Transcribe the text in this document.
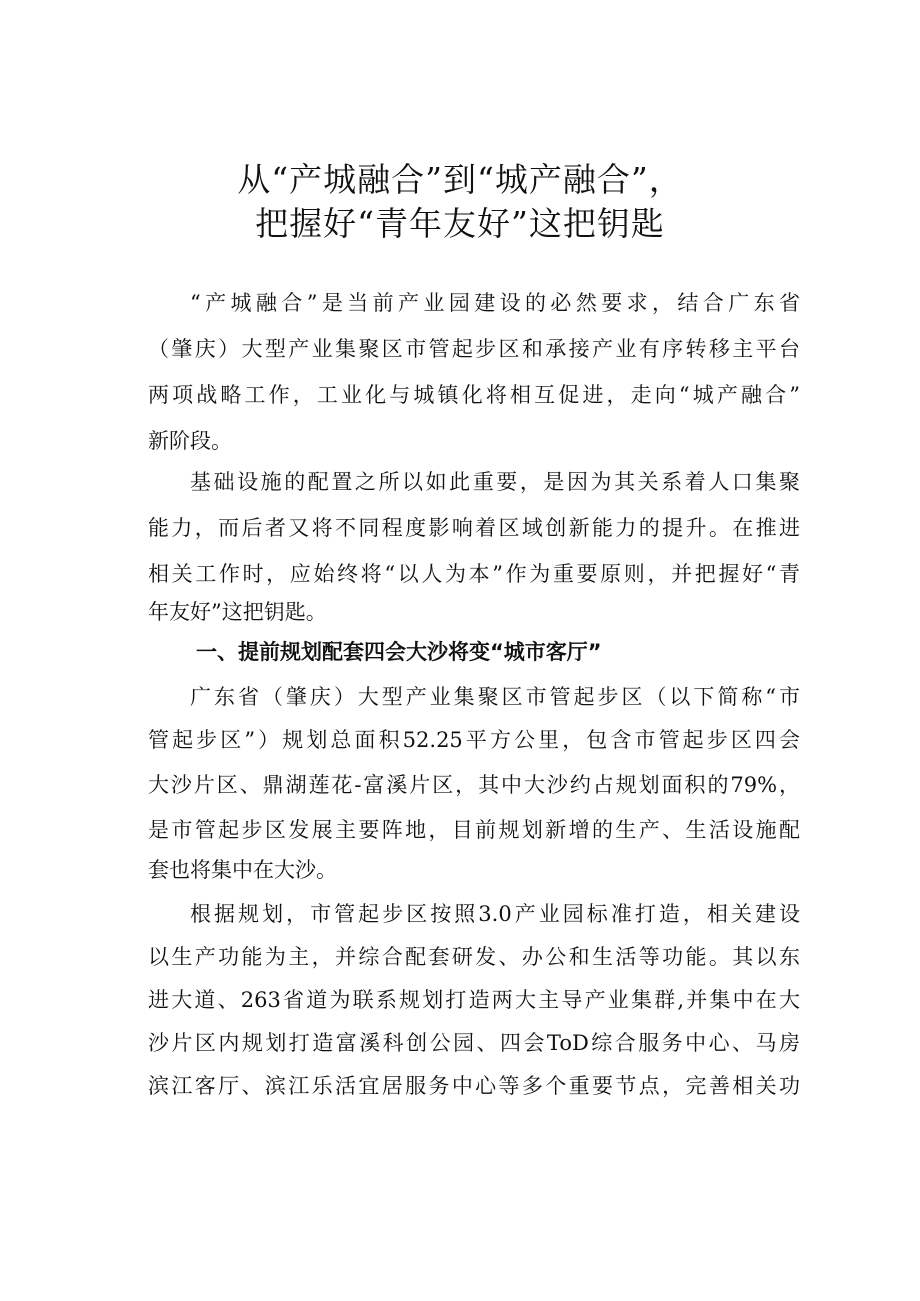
从“产城融合”到“城产融合”，
把握好“青年友好”这把钥匙
“产城融合”是当前产业园建设的必然要求，结合广东省
（肇庆）大型产业集聚区市管起步区和承接产业有序转移主平台
两项战略工作，工业化与城镇化将相互促进，走向“城产融合”
新阶段。
基础设施的配置之所以如此重要，是因为其关系着人口集聚
能力，而后者又将不同程度影响着区域创新能力的提升。在推进
相关工作时，应始终将“以人为本”作为重要原则，并把握好“青
年友好”这把钥匙。
一、提前规划配套四会大沙将变“城市客厅”
广东省（肇庆）大型产业集聚区市管起步区（以下简称“市
管起步区”）规划总面积52.25平方公里，包含市管起步区四会
大沙片区、鼎湖莲花-富溪片区，其中大沙约占规划面积的79%，
是市管起步区发展主要阵地，目前规划新增的生产、生活设施配
套也将集中在大沙。
根据规划，市管起步区按照3.0产业园标准打造，相关建设
以生产功能为主，并综合配套研发、办公和生活等功能。其以东
进大道、263省道为联系规划打造两大主导产业集群,并集中在大
沙片区内规划打造富溪科创公园、四会ToD综合服务中心、马房
滨江客厅、滨江乐活宜居服务中心等多个重要节点，完善相关功
